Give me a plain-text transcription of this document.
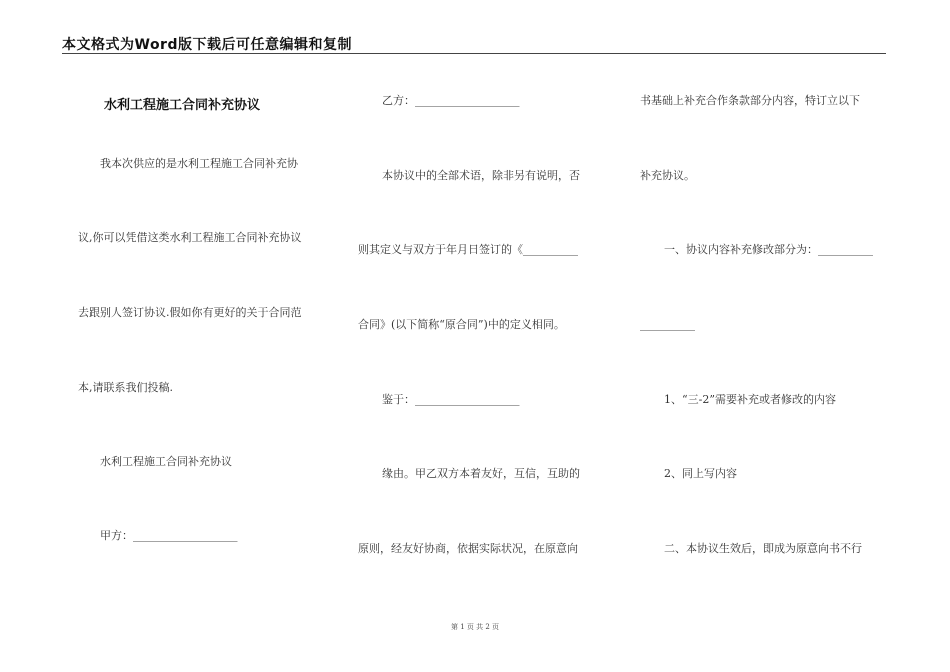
本文格式为Word版下载后可任意编辑和复制
水利工程施工合同补充协议
我本次供应的是水利工程施工合同补充协
议,你可以凭借这类水利工程施工合同补充协议
去跟别人签订协议.假如你有更好的关于合同范
本,请联系我们投稿.
水利工程施工合同补充协议
甲方：___________________
乙方：___________________
本协议中的全部术语，除非另有说明，否
则其定义与双方于年月日签订的《__________
合同》(以下简称“原合同”)中的定义相同。
鉴于：___________________
缘由。甲乙双方本着友好，互信，互助的
原则，经友好协商，依据实际状况，在原意向
书基础上补充合作条款部分内容，特订立以下
补充协议。
一、协议内容补充修改部分为：__________
__________
1、“三-2”需要补充或者修改的内容
2、同上写内容
二、本协议生效后，即成为原意向书不行
第 1 页 共 2 页
